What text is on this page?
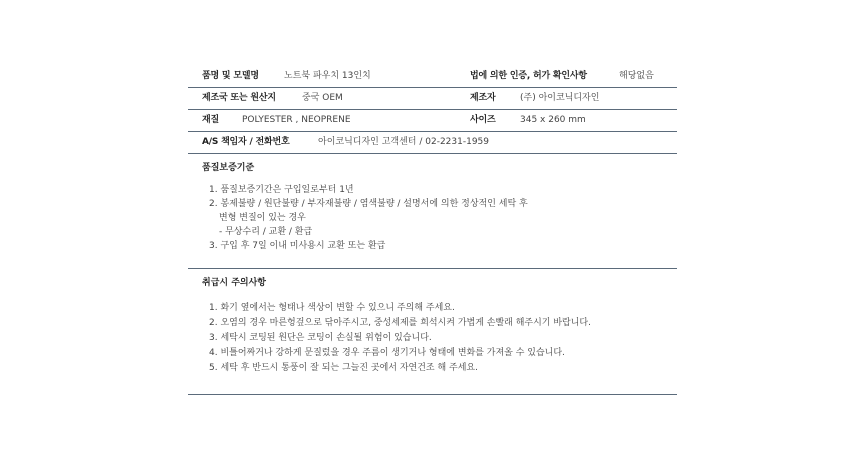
품명 및 모델명	노트북 파우치 13인치	법에 의한 인증, 허가 확인사항	해당없음
제조국 또는 원산지	중국 OEM	제조자	(주) 아이코닉디자인
재질	POLYESTER , NEOPRENE	사이즈	345 x 260 mm
A/S 책임자 / 전화번호	아이코닉디자인 고객센터 / 02-2231-1959
품질보증기준
1. 품질보증기간은 구입일로부터 1년
2. 봉제불량 / 원단불량 / 부자재불량 / 염색불량 / 설명서에 의한 정상적인 세탁 후
변형 변질이 있는 경우
- 무상수리 / 교환 / 환급
3. 구입 후 7일 이내 미사용시 교환 또는 환급
취급시 주의사항
1. 화기 옆에서는 형태나 색상이 변할 수 있으니 주의해 주세요.
2. 오염의 경우 마른헝겊으로 닦아주시고, 중성세제를 희석시켜 가볍게 손빨래 해주시기 바랍니다.
3. 세탁시 코팅된 원단은 코팅이 손실될 위험이 있습니다.
4. 비틀어짜거나 강하게 문질렀을 경우 주름이 생기거나 형태에 변화를 가져올 수 있습니다.
5. 세탁 후 반드시 통풍이 잘 되는 그늘진 곳에서 자연건조 해 주세요.
